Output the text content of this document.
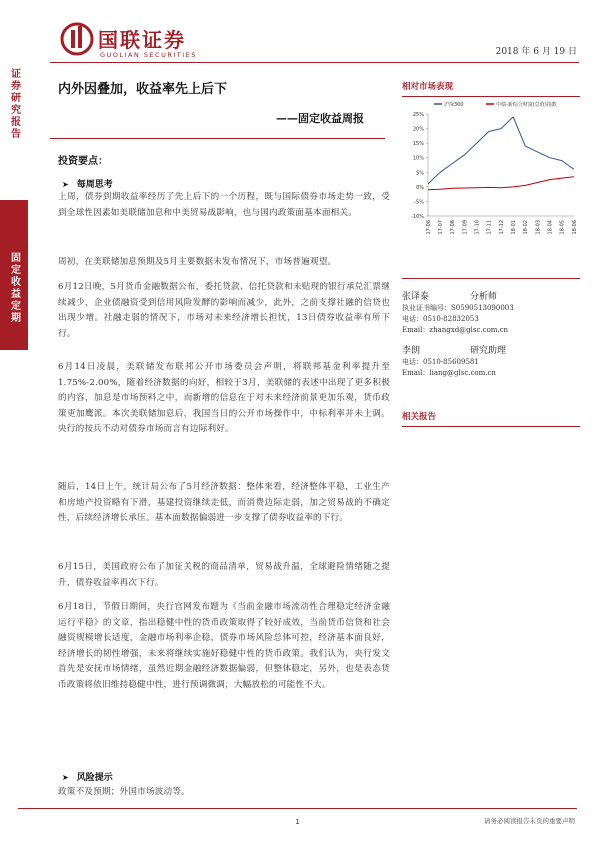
国联证券
GUOLIAN SECURITIES	2018 年 6 月 19 日
证券研究报告
固定收益定期
内外因叠加，收益率先上后下
——固定收益周报
投资要点：
➤ 每周思考
上周，债券到期收益率经历了先上后下的一个历程，既与国际债券市场走势一致，受到全球性因素如美联储加息和中美贸易战影响，也与国内政策面基本面相关。
周初，在美联储加息预期及5月主要数据未发布情况下，市场普遍观望。
6月12日晚，5月货币金融数据公布，委托贷款、信托贷款和未贴现的银行承兑汇票继续减少，企业债融资受到信用风险发酵的影响而减少，此外，之前支撑社融的信贷也出现少增。社融走弱的情况下，市场对未来经济增长担忧，13日债券收益率有所下行。
6月14日凌晨，美联储发布联邦公开市场委员会声明，将联邦基金利率提升至1.75%-2.00%，随着经济数据的向好，相较于3月，美联储的表述中出现了更多积极的内容，加息是市场预料之中，而新增的信息在于对未来经济前景更加乐观，货币政策更加鹰派。本次美联储加息后，我国当日的公开市场操作中，中标利率并未上调。央行的按兵不动对债券市场而言有边际利好。
随后，14日上午，统计局公布了5月经济数据：整体来看，经济整体平稳，工业生产和房地产投资略有下滑，基建投资继续走低，而消费边际走弱，加之贸易战的不确定性，后续经济增长承压。基本面数据偏弱进一步支撑了债券收益率的下行。
6月15日，美国政府公布了加征关税的商品清单，贸易战升温，全球避险情绪随之提升，债券收益率再次下行。
6月18日，节假日期间，央行官网发布题为《当前金融市场流动性合理稳定经济金融运行平稳》的文章，指出稳健中性的货币政策取得了较好成效，当前货币信贷和社会融资规模增长适度，金融市场利率企稳，债券市场风险总体可控，经济基本面良好，经济增长的韧性增强，未来将继续实施好稳健中性的货币政策。我们认为，央行发文首先是安抚市场情绪，虽然近期金融经济数据偏弱，但整体稳定，另外，也是表态货币政策将依旧维持稳健中性，进行预调微调，大幅放松的可能性不大。
➤ 风险提示
政策不及预期；外国市场波动等。
相对市场表现
25%
20%
15%
10%
5%
0%
-5%
-10%
17-06 17-07 17-08 17-09 17-10 17-11 17-12 18-01 18-02 18-03 18-04 18-05 18-06
沪深300	中债-新综合财富(总值)指数
张译泰	分析师
执业证书编号：S0590513090003
电话：0510-82832053
Email：zhangxd@glsc.com.cn
李朗	研究助理
电话：0510-85609581
Email：liang@glsc.com.cn
相关报告
1	请务必阅读报告末页的重要声明
